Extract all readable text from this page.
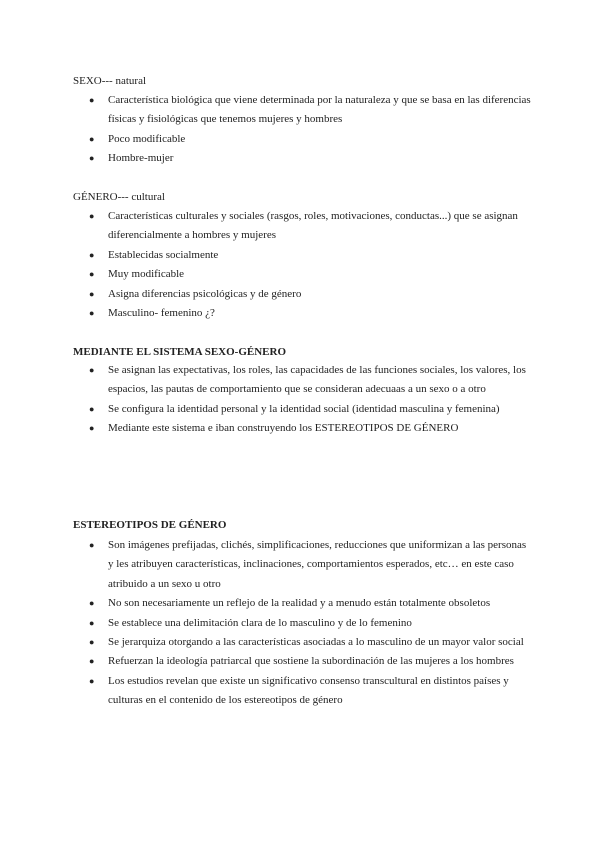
SEXO--- natural
● Característica biológica que viene determinada por la naturaleza y que se basa en las diferencias físicas y fisiológicas que tenemos mujeres y hombres
● Poco modificable
● Hombre-mujer
GÉNERO--- cultural
● Características culturales y sociales (rasgos, roles, motivaciones, conductas...) que se asignan diferencialmente a hombres y mujeres
● Establecidas socialmente
● Muy modificable
● Asigna diferencias psicológicas y de género
● Masculino- femenino ¿?
MEDIANTE EL SISTEMA SEXO-GÉNERO
● Se asignan las expectativas, los roles, las capacidades de las funciones sociales, los valores, los espacios, las pautas de comportamiento que se consideran adecuaas a un sexo o a otro
● Se configura la identidad personal y la identidad social (identidad masculina y femenina)
● Mediante este sistema e iban construyendo los ESTEREOTIPOS DE GÉNERO
ESTEREOTIPOS DE GÉNERO
● Son imágenes prefijadas, clichés, simplificaciones, reducciones que uniformizan a las personas y les atribuyen características, inclinaciones, comportamientos esperados, etc… en este caso atribuido a un sexo u otro
● No son necesariamente un reflejo de la realidad y a menudo están totalmente obsoletos
● Se establece una delimitación clara de lo masculino y de lo femenino
● Se jerarquiza otorgando a las características asociadas a lo masculino de un mayor valor social
● Refuerzan la ideología patriarcal que sostiene la subordinación de las mujeres a los hombres
● Los estudios revelan que existe un significativo consenso transcultural en distintos países y culturas en el contenido de los estereotipos de género
